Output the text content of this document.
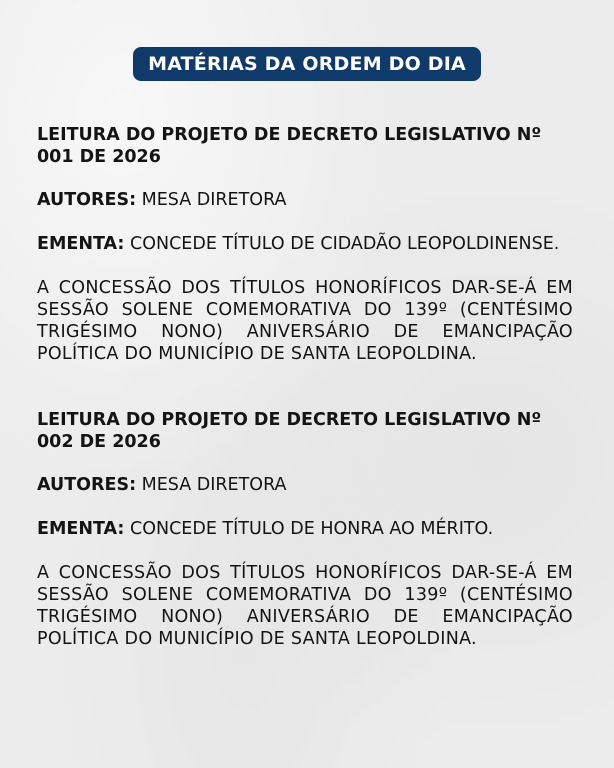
MATÉRIAS DA ORDEM DO DIA
LEITURA DO PROJETO DE DECRETO LEGISLATIVO Nº 001 DE 2026
AUTORES: MESA DIRETORA
EMENTA: CONCEDE TÍTULO DE CIDADÃO LEOPOLDINENSE.
A CONCESSÃO DOS TÍTULOS HONORÍFICOS DAR-SE-Á EM SESSÃO SOLENE COMEMORATIVA DO 139º (CENTÉSIMO TRIGÉSIMO NONO) ANIVERSÁRIO DE EMANCIPAÇÃO POLÍTICA DO MUNICÍPIO DE SANTA LEOPOLDINA.
LEITURA DO PROJETO DE DECRETO LEGISLATIVO Nº 002 DE 2026
AUTORES: MESA DIRETORA
EMENTA: CONCEDE TÍTULO DE HONRA AO MÉRITO.
A CONCESSÃO DOS TÍTULOS HONORÍFICOS DAR-SE-Á EM SESSÃO SOLENE COMEMORATIVA DO 139º (CENTÉSIMO TRIGÉSIMO NONO) ANIVERSÁRIO DE EMANCIPAÇÃO POLÍTICA DO MUNICÍPIO DE SANTA LEOPOLDINA.
